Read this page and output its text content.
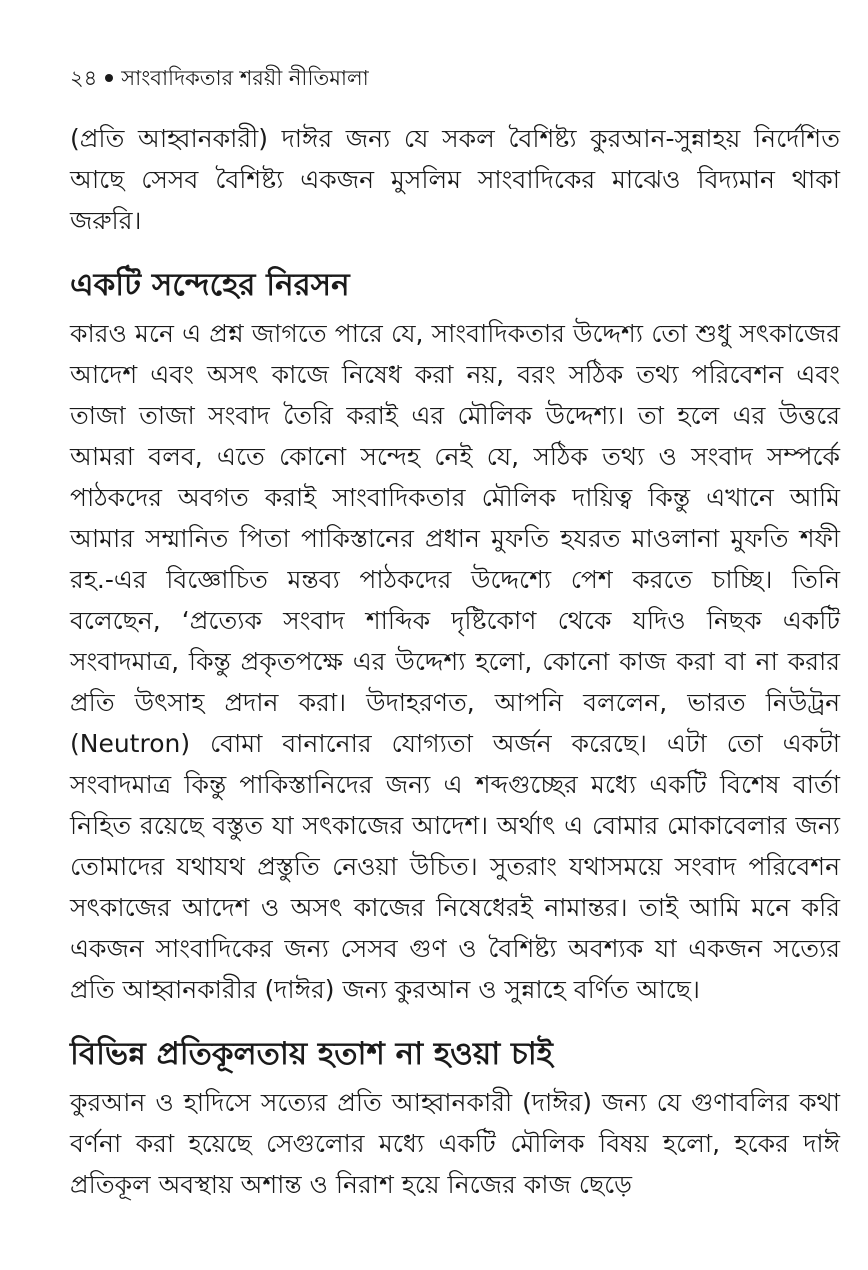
২৪ সাংবাদিকতার শরয়ী নীতিমালা

(প্রতি আহ্বানকারী) দাঈর জন্য যে সকল বৈশিষ্ট্য কুরআন-সুন্নাহয় নির্দেশিত আছে সেসব বৈশিষ্ট্য একজন মুসলিম সাংবাদিকের মাঝেও বিদ্যমান থাকা জরুরি।

একটি সন্দেহের নিরসন

কারও মনে এ প্রশ্ন জাগতে পারে যে, সাংবাদিকতার উদ্দেশ্য তো শুধু সৎকাজের আদেশ এবং অসৎ কাজে নিষেধ করা নয়, বরং সঠিক তথ্য পরিবেশন এবং তাজা তাজা সংবাদ তৈরি করাই এর মৌলিক উদ্দেশ্য। তা হলে এর উত্তরে আমরা বলব, এতে কোনো সন্দেহ নেই যে, সঠিক তথ্য ও সংবাদ সম্পর্কে পাঠকদের অবগত করাই সাংবাদিকতার মৌলিক দায়িত্ব কিন্তু এখানে আমি আমার সম্মানিত পিতা পাকিস্তানের প্রধান মুফতি হযরত মাওলানা মুফতি শফী রহ.-এর বিজ্ঞোচিত মন্তব্য পাঠকদের উদ্দেশ্যে পেশ করতে চাচ্ছি। তিনি বলেছেন, ‘প্রত্যেক সংবাদ শাব্দিক দৃষ্টিকোণ থেকে যদিও নিছক একটি সংবাদমাত্র, কিন্তু প্রকৃতপক্ষে এর উদ্দেশ্য হলো, কোনো কাজ করা বা না করার প্রতি উৎসাহ প্রদান করা। উদাহরণত, আপনি বললেন, ভারত নিউট্রন (Neutron) বোমা বানানোর যোগ্যতা অর্জন করেছে। এটা তো একটা সংবাদমাত্র কিন্তু পাকিস্তানিদের জন্য এ শব্দগুচ্ছের মধ্যে একটি বিশেষ বার্তা নিহিত রয়েছে বস্তুত যা সৎকাজের আদেশ। অর্থাৎ এ বোমার মোকাবেলার জন্য তোমাদের যথাযথ প্রস্তুতি নেওয়া উচিত। সুতরাং যথাসময়ে সংবাদ পরিবেশন সৎকাজের আদেশ ও অসৎ কাজের নিষেধেরই নামান্তর। তাই আমি মনে করি একজন সাংবাদিকের জন্য সেসব গুণ ও বৈশিষ্ট্য অবশ্যক যা একজন সত্যের প্রতি আহ্বানকারীর (দাঈর) জন্য কুরআন ও সুন্নাহে বর্ণিত আছে।

বিভিন্ন প্রতিকূলতায় হতাশ না হওয়া চাই

কুরআন ও হাদিসে সত্যের প্রতি আহ্বানকারী (দাঈর) জন্য যে গুণাবলির কথা বর্ণনা করা হয়েছে সেগুলোর মধ্যে একটি মৌলিক বিষয় হলো, হকের দাঈ প্রতিকূল অবস্থায় অশান্ত ও নিরাশ হয়ে নিজের কাজ ছেড়ে
